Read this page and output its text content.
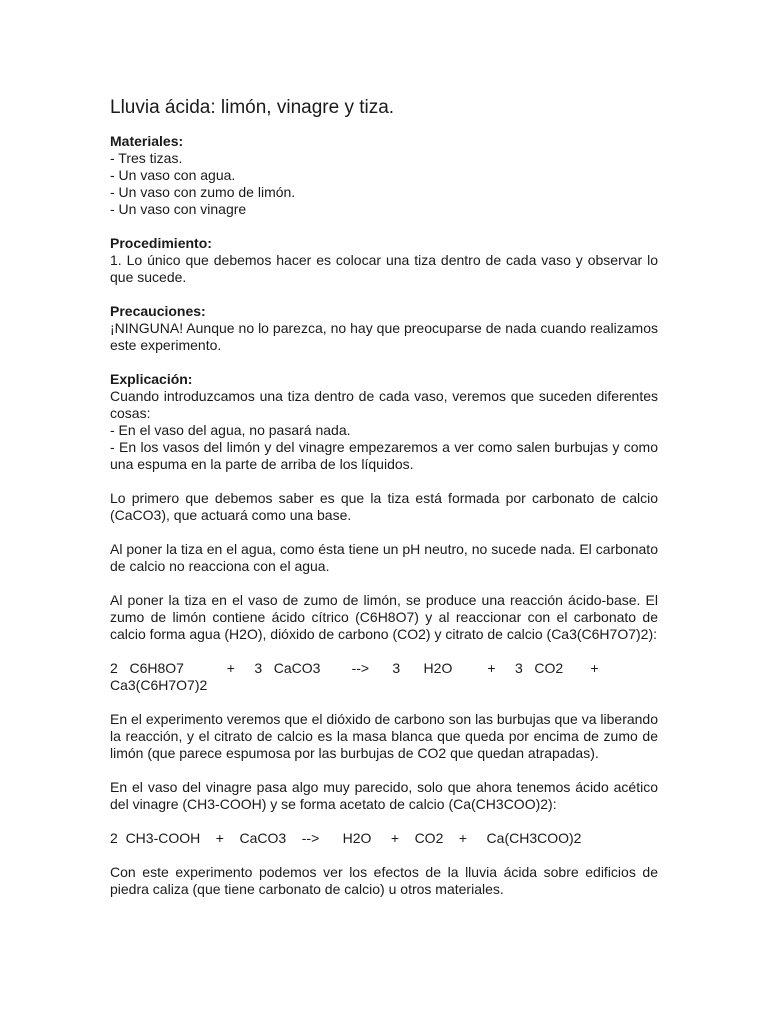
Lluvia ácida: limón, vinagre y tiza.
Materiales:
- Tres tizas.
- Un vaso con agua.
- Un vaso con zumo de limón.
- Un vaso con vinagre
Procedimiento:
1. Lo único que debemos hacer es colocar una tiza dentro de cada vaso y observar lo que sucede.
Precauciones:
¡NINGUNA! Aunque no lo parezca, no hay que preocuparse de nada cuando realizamos este experimento.
Explicación:
Cuando introduzcamos una tiza dentro de cada vaso, veremos que suceden diferentes cosas:
- En el vaso del agua, no pasará nada.
- En los vasos del limón y del vinagre empezaremos a ver como salen burbujas y como una espuma en la parte de arriba de los líquidos.
Lo primero que debemos saber es que la tiza está formada por carbonato de calcio (CaCO3), que actuará como una base.
Al poner la tiza en el agua, como ésta tiene un pH neutro, no sucede nada. El carbonato de calcio no reacciona con el agua.
Al poner la tiza en el vaso de zumo de limón, se produce una reacción ácido-base. El zumo de limón contiene ácido cítrico (C6H8O7) y al reaccionar con el carbonato de calcio forma agua (H2O), dióxido de carbono (CO2) y citrato de calcio (Ca3(C6H7O7)2):
2   C6H8O7           +     3   CaCO3        -->      3      H2O         +     3   CO2       +
Ca3(C6H7O7)2
En el experimento veremos que el dióxido de carbono son las burbujas que va liberando la reacción, y el citrato de calcio es la masa blanca que queda por encima de zumo de limón (que parece espumosa por las burbujas de CO2 que quedan atrapadas).
En el vaso del vinagre pasa algo muy parecido, solo que ahora tenemos ácido acético del vinagre (CH3-COOH) y se forma acetato de calcio (Ca(CH3COO)2):
2  CH3-COOH    +    CaCO3    -->      H2O     +    CO2    +     Ca(CH3COO)2
Con este experimento podemos ver los efectos de la lluvia ácida sobre edificios de piedra caliza (que tiene carbonato de calcio) u otros materiales.
